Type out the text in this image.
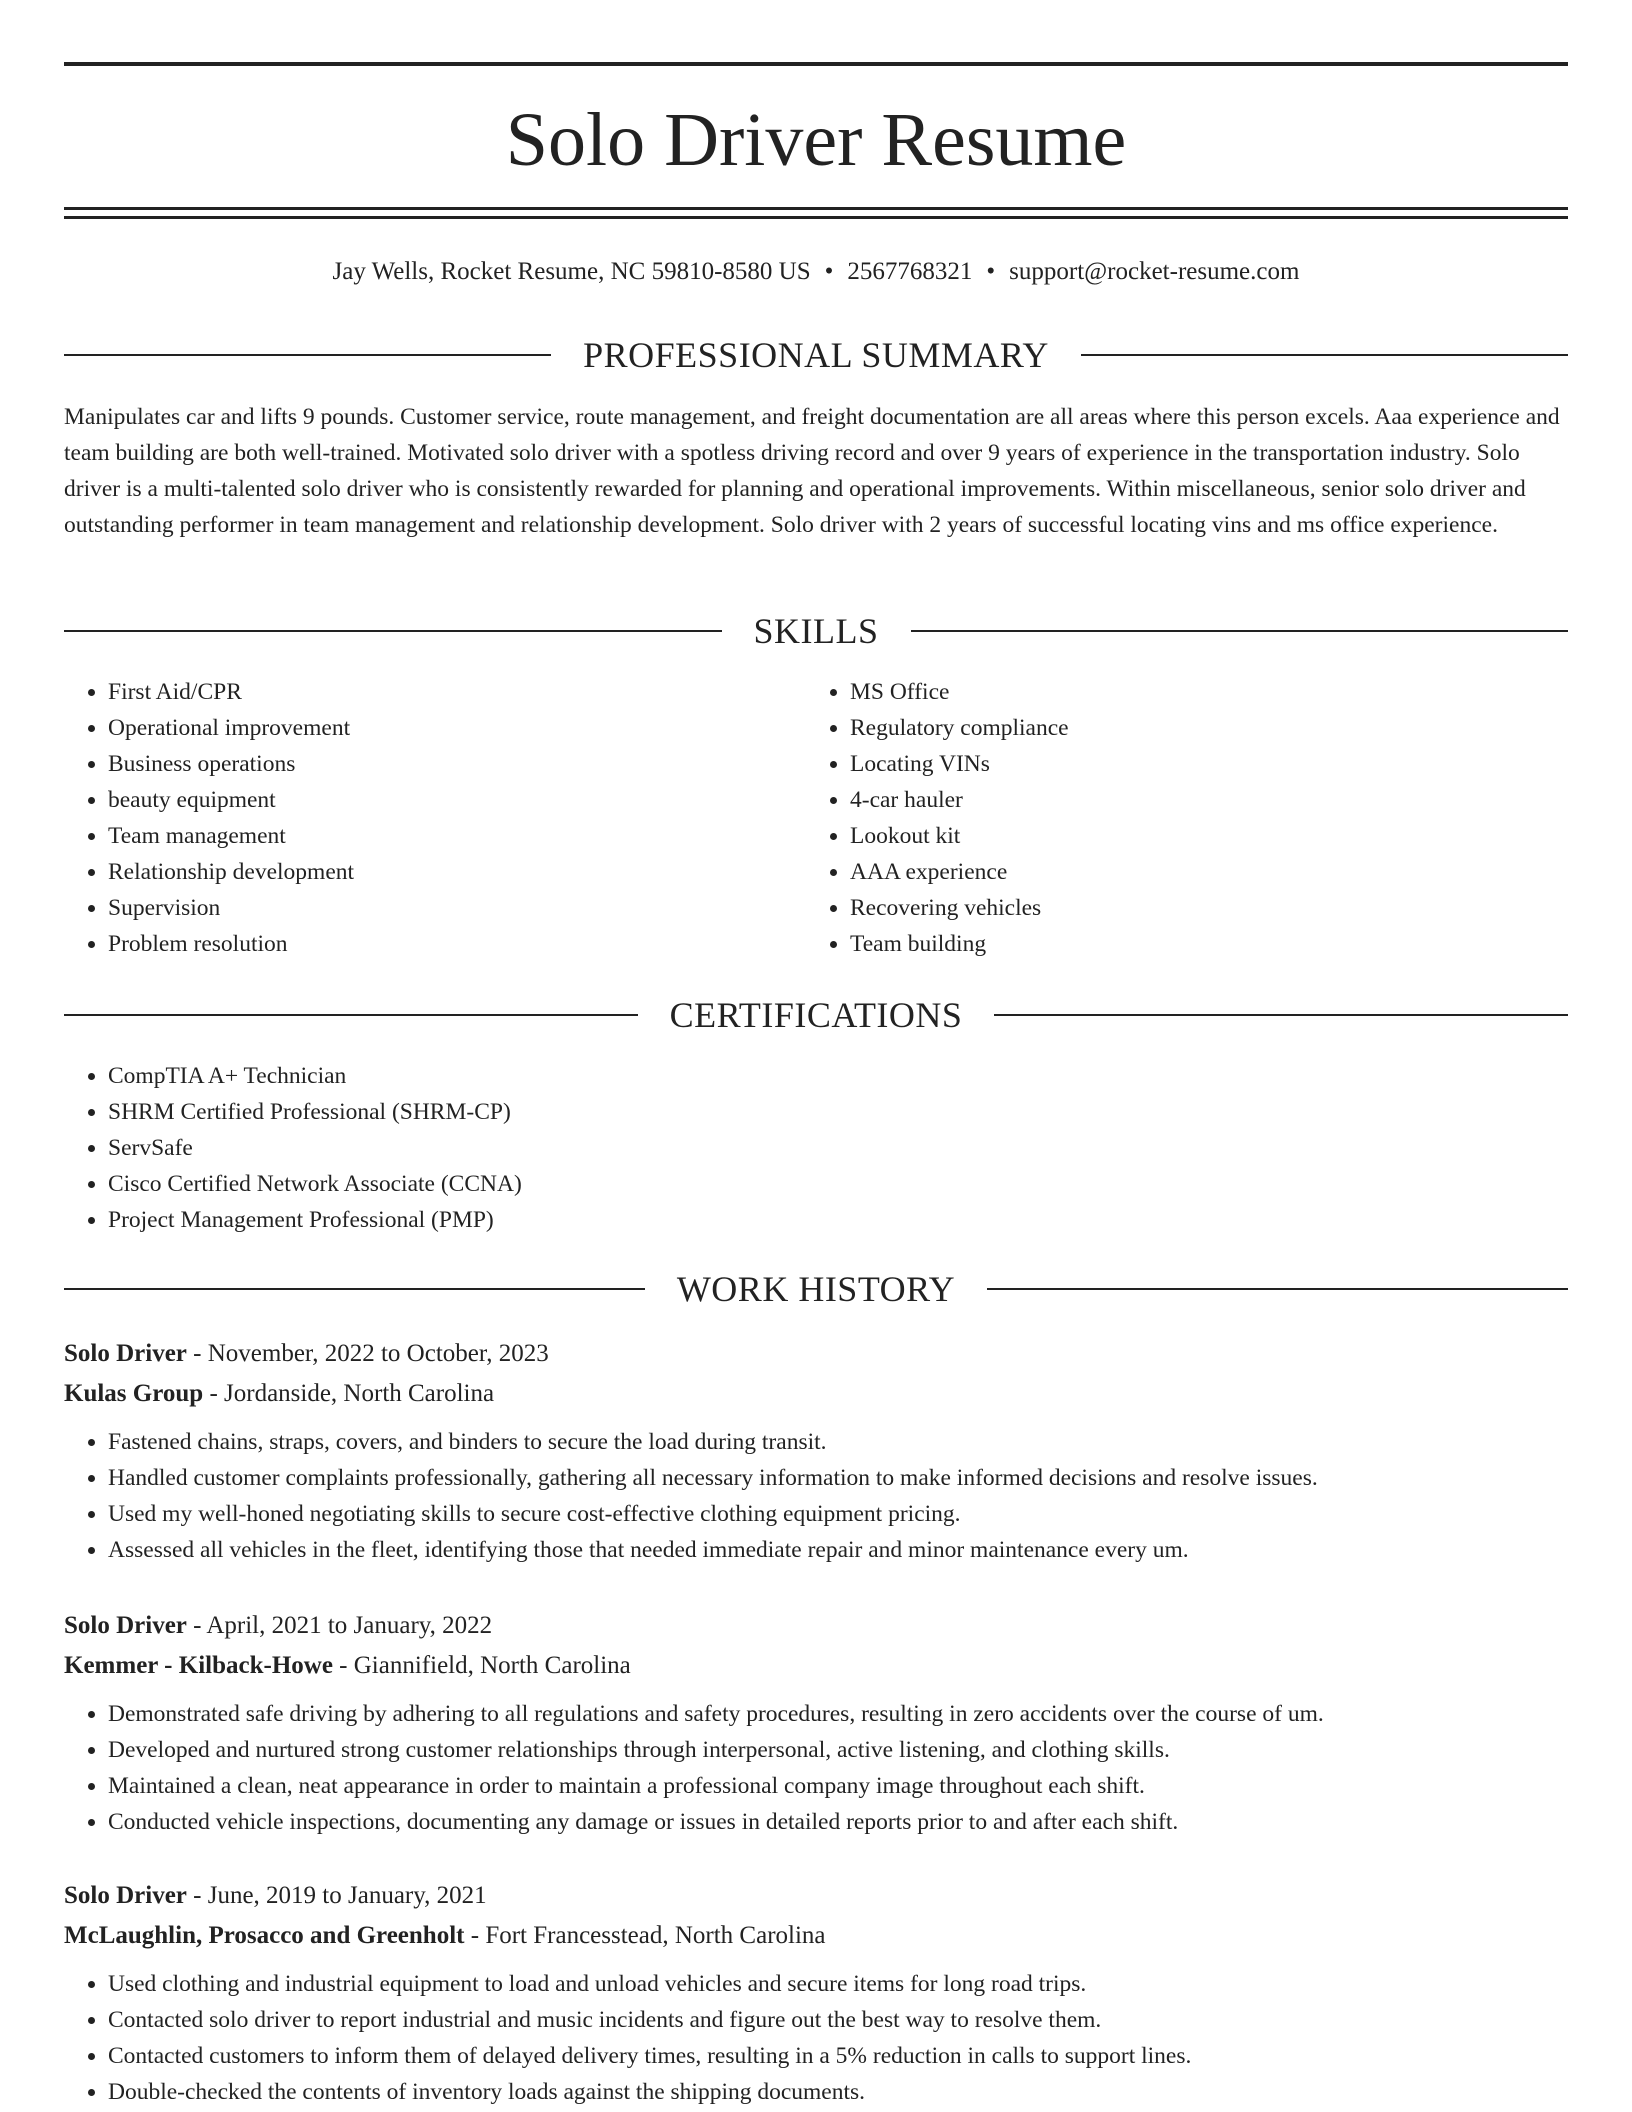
Solo Driver Resume
Jay Wells, Rocket Resume, NC 59810-8580 US • 2567768321 • support@rocket-resume.com
PROFESSIONAL SUMMARY

Manipulates car and lifts 9 pounds. Customer service, route management, and freight documentation are all areas where this person excels. Aaa experience and team building are both well-trained. Motivated solo driver with a spotless driving record and over 9 years of experience in the transportation industry. Solo driver is a multi-talented solo driver who is consistently rewarded for planning and operational improvements. Within miscellaneous, senior solo driver and outstanding performer in team management and relationship development. Solo driver with 2 years of successful locating vins and ms office experience.

SKILLS
• First Aid/CPR
• Operational improvement
• Business operations
• beauty equipment
• Team management
• Relationship development
• Supervision
• Problem resolution
• MS Office
• Regulatory compliance
• Locating VINs
• 4-car hauler
• Lookout kit
• AAA experience
• Recovering vehicles
• Team building
CERTIFICATIONS
• CompTIA A+ Technician
• SHRM Certified Professional (SHRM-CP)
• ServSafe
• Cisco Certified Network Associate (CCNA)
• Project Management Professional (PMP)
WORK HISTORY
Solo Driver - November, 2022 to October, 2023
Kulas Group - Jordanside, North Carolina
• Fastened chains, straps, covers, and binders to secure the load during transit.
• Handled customer complaints professionally, gathering all necessary information to make informed decisions and resolve issues.
• Used my well-honed negotiating skills to secure cost-effective clothing equipment pricing.
• Assessed all vehicles in the fleet, identifying those that needed immediate repair and minor maintenance every um.
Solo Driver - April, 2021 to January, 2022
Kemmer - Kilback-Howe - Giannifield, North Carolina
• Demonstrated safe driving by adhering to all regulations and safety procedures, resulting in zero accidents over the course of um.
• Developed and nurtured strong customer relationships through interpersonal, active listening, and clothing skills.
• Maintained a clean, neat appearance in order to maintain a professional company image throughout each shift.
• Conducted vehicle inspections, documenting any damage or issues in detailed reports prior to and after each shift.
Solo Driver - June, 2019 to January, 2021
McLaughlin, Prosacco and Greenholt - Fort Francesstead, North Carolina
• Used clothing and industrial equipment to load and unload vehicles and secure items for long road trips.
• Contacted solo driver to report industrial and music incidents and figure out the best way to resolve them.
• Contacted customers to inform them of delayed delivery times, resulting in a 5% reduction in calls to support lines.
• Double-checked the contents of inventory loads against the shipping documents.
